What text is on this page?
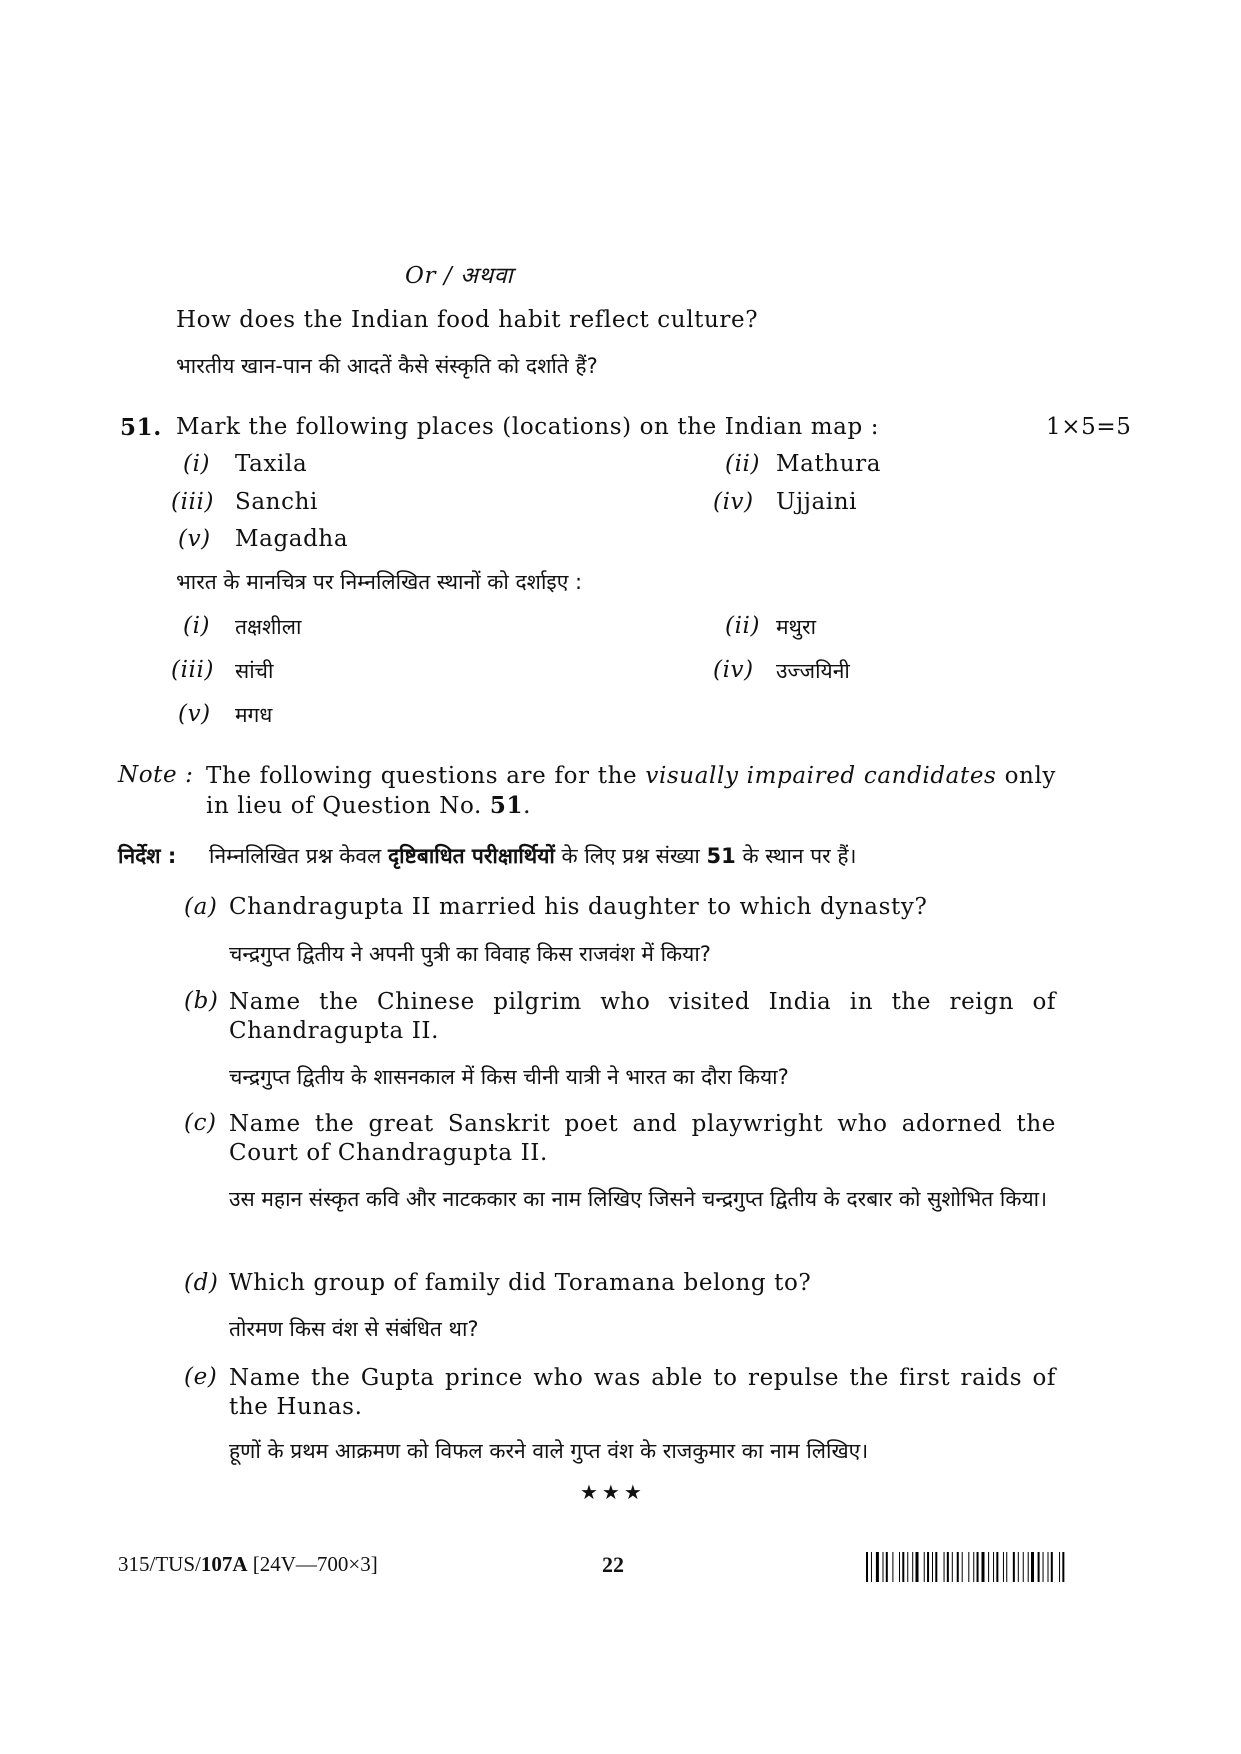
Or / अथवा
How does the Indian food habit reflect culture?
भारतीय खान-पान की आदतें कैसे संस्कृति को दर्शाते हैं?
51. Mark the following places (locations) on the Indian map :	1×5=5
(i) Taxila	(ii) Mathura
(iii) Sanchi	(iv) Ujjaini
(v) Magadha
भारत के मानचित्र पर निम्नलिखित स्थानों को दर्शाइए :
(i) तक्षशीला	(ii) मथुरा
(iii) सांची	(iv) उज्जयिनी
(v) मगध
Note : The following questions are for the visually impaired candidates only in lieu of Question No. 51.
निर्देश : निम्नलिखित प्रश्न केवल दृष्टिबाधित परीक्षार्थियों के लिए प्रश्न संख्या 51 के स्थान पर हैं।
(a) Chandragupta II married his daughter to which dynasty?
चन्द्रगुप्त द्वितीय ने अपनी पुत्री का विवाह किस राजवंश में किया?
(b) Name the Chinese pilgrim who visited India in the reign of Chandragupta II.
चन्द्रगुप्त द्वितीय के शासनकाल में किस चीनी यात्री ने भारत का दौरा किया?
(c) Name the great Sanskrit poet and playwright who adorned the Court of Chandragupta II.
उस महान संस्कृत कवि और नाटककार का नाम लिखिए जिसने चन्द्रगुप्त द्वितीय के दरबार को सुशोभित किया।
(d) Which group of family did Toramana belong to?
तोरमण किस वंश से संबंधित था?
(e) Name the Gupta prince who was able to repulse the first raids of the Hunas.
हूणों के प्रथम आक्रमण को विफल करने वाले गुप्त वंश के राजकुमार का नाम लिखिए।
★★★
315/TUS/107A [24V—700×3]	22
